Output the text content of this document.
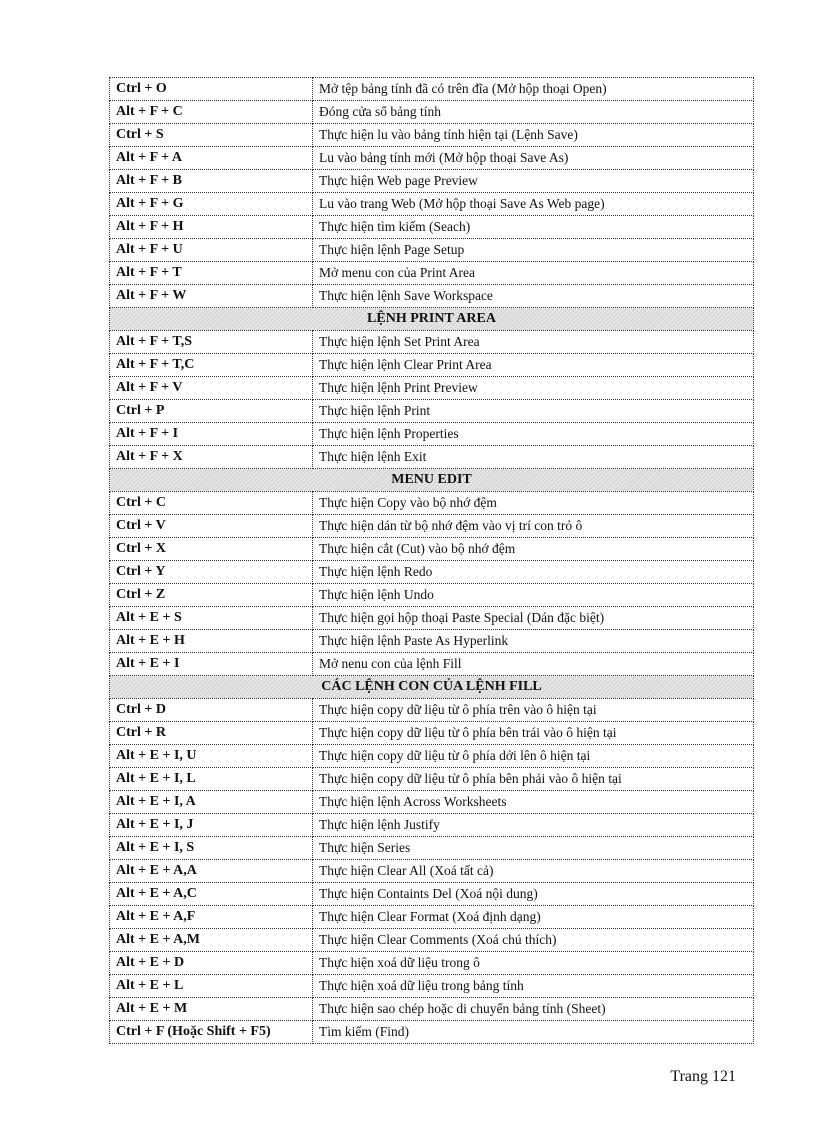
Ctrl + O	Mở tệp bảng tính đã có trên đĩa (Mở hộp thoại Open)
Alt + F + C	Đóng cửa sổ bảng tính
Ctrl + S	Thực hiện lu vào bảng tính hiện tại (Lệnh Save)
Alt + F + A	Lu vào bảng tính mới (Mở hộp thoại Save As)
Alt + F + B	Thực hiện Web page Preview
Alt + F + G	Lu vào trang Web (Mở hộp thoại Save As Web page)
Alt + F + H	Thực hiện tìm kiếm (Seach)
Alt + F + U	Thực hiện lệnh Page Setup
Alt + F + T	Mở menu con của Print Area
Alt + F + W	Thực hiện lệnh Save Workspace
LỆNH PRINT AREA	
Alt + F + T,S	Thực hiện lệnh Set Print Area
Alt + F + T,C	Thực hiện lệnh Clear Print Area
Alt + F + V	Thực hiện lệnh Print Preview
Ctrl + P	Thực hiện lệnh Print
Alt + F + I	Thực hiện lệnh Properties
Alt + F + X	Thực hiện lệnh Exit
MENU EDIT	
Ctrl + C	Thực hiện Copy vào bộ nhớ đệm
Ctrl + V	Thực hiện dán từ bộ nhớ đệm vào vị trí con trỏ ô
Ctrl + X	Thực hiện cắt (Cut) vào bộ nhớ đệm
Ctrl + Y	Thực hiện lệnh Redo
Ctrl + Z	Thực hiện lệnh Undo
Alt + E + S	Thực hiện gọi hộp thoại Paste Special (Dán đặc biệt)
Alt + E + H	Thực hiện lệnh Paste As Hyperlink
Alt + E + I	Mở nenu con của lệnh Fill
CÁC LỆNH CON CỦA LỆNH FILL	
Ctrl + D	Thực hiện copy dữ liệu từ ô phía trên vào ô hiện tại
Ctrl + R	Thực hiện copy dữ liệu từ ô phía bên trái vào ô hiện tại
Alt + E + I, U	Thực hiện copy dữ liệu từ ô phía dới lên ô hiện tại
Alt + E + I, L	Thực hiện copy dữ liệu từ ô phía bên phải vào ô hiện tại
Alt + E + I, A	Thực hiện lệnh Across Worksheets
Alt + E + I, J	Thực hiện lệnh Justify
Alt + E + I, S	Thực hiện Series
Alt + E + A,A	Thực hiện Clear All (Xoá tất cả)
Alt + E + A,C	Thực hiện Containts Del (Xoá nội dung)
Alt + E + A,F	Thực hiện Clear Format (Xoá định dạng)
Alt + E + A,M	Thực hiện Clear Comments (Xoá chú thích)
Alt + E + D	Thực hiện xoá dữ liệu trong ô
Alt + E + L	Thực hiện xoá dữ liệu trong bảng tính
Alt + E + M	Thực hiện sao chép hoặc di chuyển bảng tính (Sheet)
Ctrl + F (Hoặc Shift + F5)	Tìm kiếm (Find)
Trang 121
